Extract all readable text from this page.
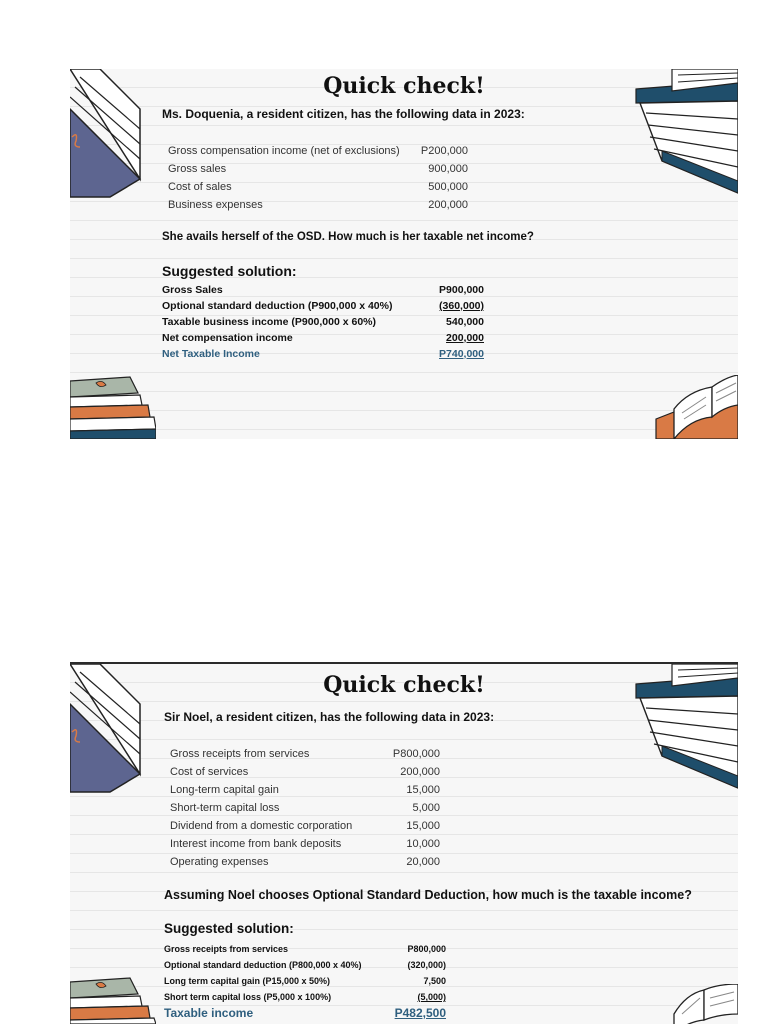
Quick check!
Ms. Doquenia, a resident citizen, has the following data in 2023:
Gross compensation income (net of exclusions) P200,000
Gross sales	900,000
Cost of sales	500,000
Business expenses	200,000
She avails herself of the OSD. How much is her taxable net income?
Suggested solution:
Gross Sales	P900,000
Optional standard deduction (P900,000 x 40%)	(360,000)
Taxable business income (P900,000 x 60%)	540,000
Net compensation income	200,000
Net Taxable Income	P740,000
Quick check!
Sir Noel, a resident citizen, has the following data in 2023:
Gross receipts from services	P800,000
Cost of services	200,000
Long-term capital gain	15,000
Short-term capital loss	5,000
Dividend from a domestic corporation	15,000
Interest income from bank deposits	10,000
Operating expenses	20,000
Assuming Noel chooses Optional Standard Deduction, how much is the taxable income?
Suggested solution:
Gross receipts from services	P800,000
Optional standard deduction (P800,000 x 40%)	(320,000)
Long term capital gain (P15,000 x 50%)	7,500
Short term capital loss (P5,000 x 100%)	(5,000)
Taxable income	P482,500
